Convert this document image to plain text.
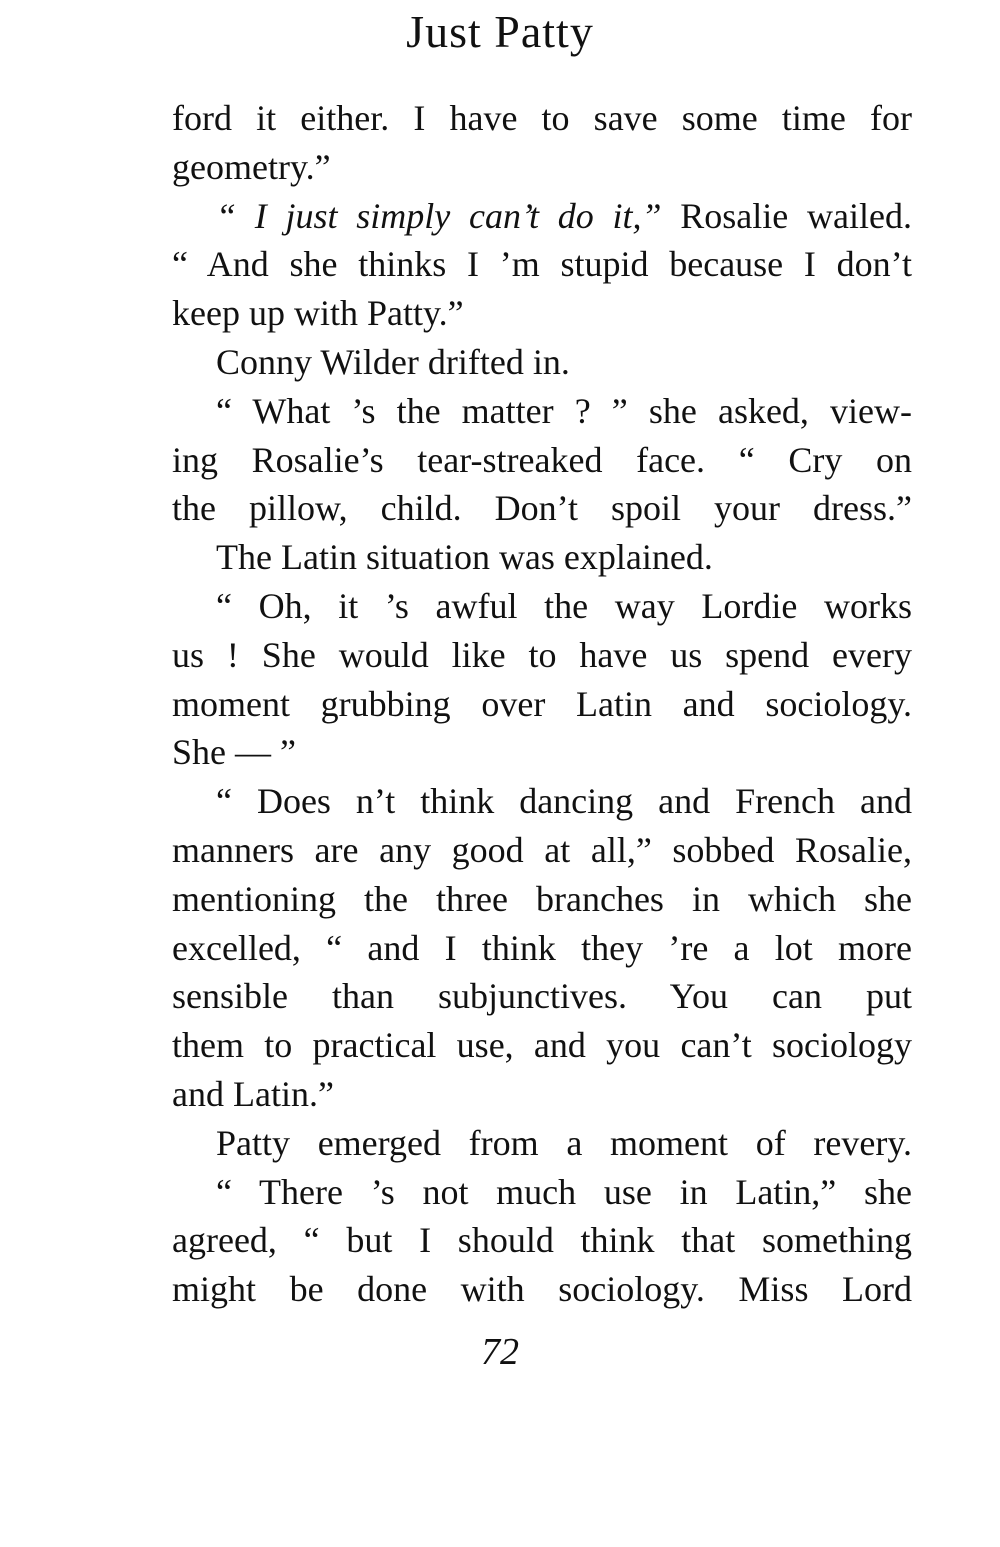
Just Patty
ford it either. I have to save some time for
geometry.”
“ I just simply can’t do it,” Rosalie wailed.
“ And she thinks I ’m stupid because I don’t
keep up with Patty.”
Conny Wilder drifted in.
“ What ’s the matter ? ” she asked, view-
ing Rosalie’s tear-streaked face. “ Cry on
the pillow, child. Don’t spoil your dress.”
The Latin situation was explained.
“ Oh, it ’s awful the way Lordie works
us ! She would like to have us spend every
moment grubbing over Latin and sociology.
She — ”
“ Does n’t think dancing and French and
manners are any good at all,” sobbed Rosalie,
mentioning the three branches in which she
excelled, “ and I think they ’re a lot more
sensible than subjunctives. You can put
them to practical use, and you can’t sociology
and Latin.”
Patty emerged from a moment of revery.
“ There ’s not much use in Latin,” she
agreed, “ but I should think that something
might be done with sociology. Miss Lord
72
